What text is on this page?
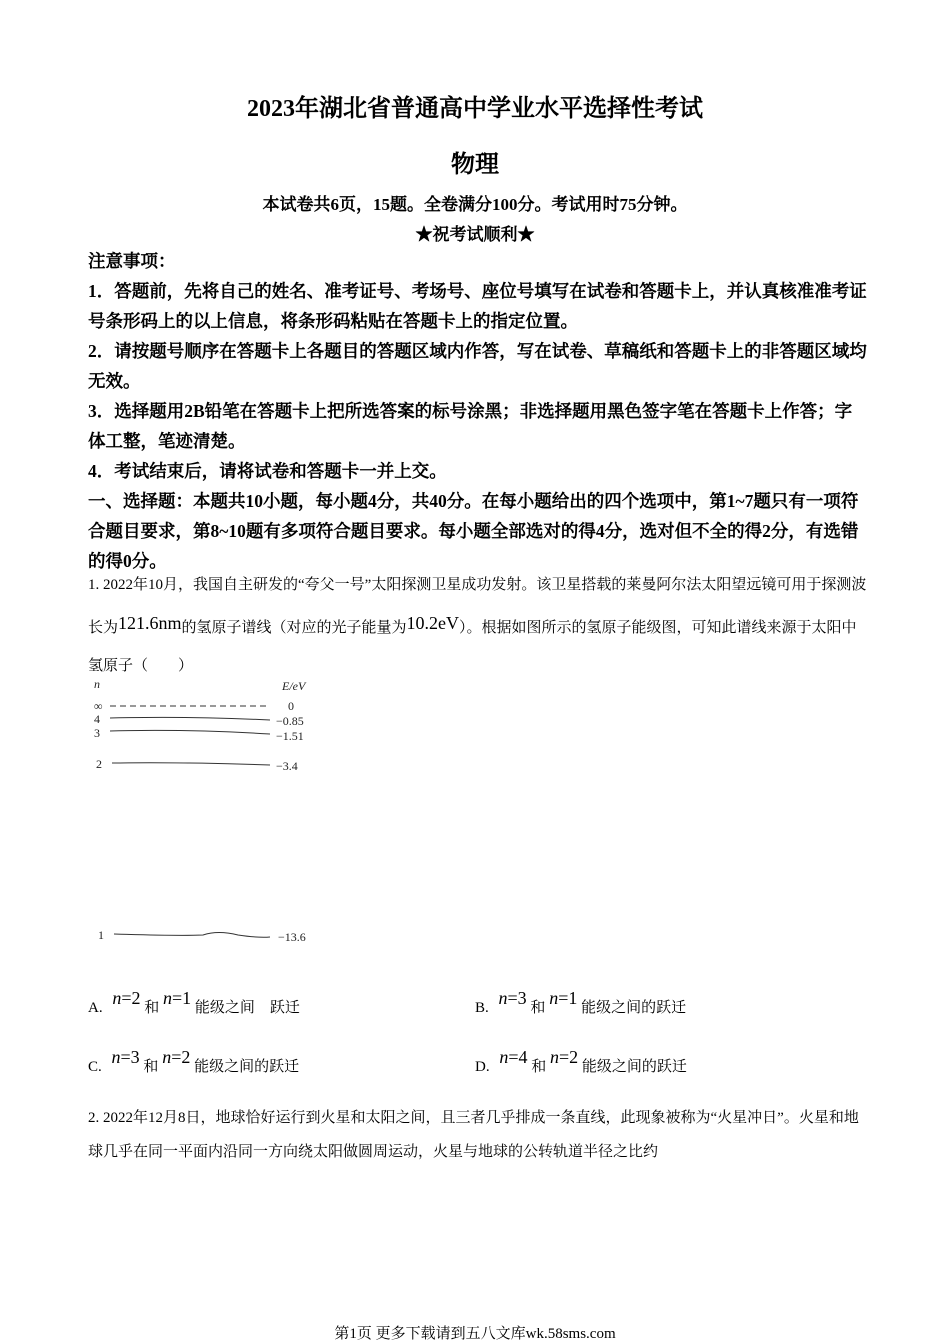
2023年湖北省普通高中学业水平选择性考试
物理
本试卷共6页，15题。全卷满分100分。考试用时75分钟。
★祝考试顺利★

注意事项：

1．答题前，先将自己的姓名、准考证号、考场号、座位号填写在试卷和答题卡上，并认真核准准考证号条形码上的以上信息，将条形码粘贴在答题卡上的指定位置。

2．请按题号顺序在答题卡上各题目的答题区域内作答，写在试卷、草稿纸和答题卡上的非答题区域均无效。

3．选择题用2B铅笔在答题卡上把所选答案的标号涂黑；非选择题用黑色签字笔在答题卡上作答；字体工整，笔迹清楚。

4．考试结束后，请将试卷和答题卡一并上交。

一、选择题：本题共10小题，每小题4分，共40分。在每小题给出的四个选项中，第1~7题只有一项符合题目要求，第8~10题有多项符合题目要求。每小题全部选对的得4分，选对但不全的得2分，有选错的得0分。

1. 2022年10月，我国自主研发的“夸父一号”太阳探测卫星成功发射。该卫星搭载的莱曼阿尔法太阳望远镜可用于探测波长为121.6nm的氢原子谱线（对应的光子能量为10.2eV）。根据如图所示的氢原子能级图，可知此谱线来源于太阳中氢原子（　　）
n	E/eV
∞	0
4	−0.85
3	−1.51
2	−3.4
1	−13.6
A. n=2 和 n=1 能级之间　跃迁	B. n=3 和 n=1 能级之间的跃迁
C. n=3 和 n=2 能级之间的跃迁	D. n=4 和 n=2 能级之间的跃迁
2. 2022年12月8日，地球恰好运行到火星和太阳之间，且三者几乎排成一条直线，此现象被称为“火星冲日”。火星和地球几乎在同一平面内沿同一方向绕太阳做圆周运动，火星与地球的公转轨道半径之比约
第1页 更多下载请到五八文库wk.58sms.com
